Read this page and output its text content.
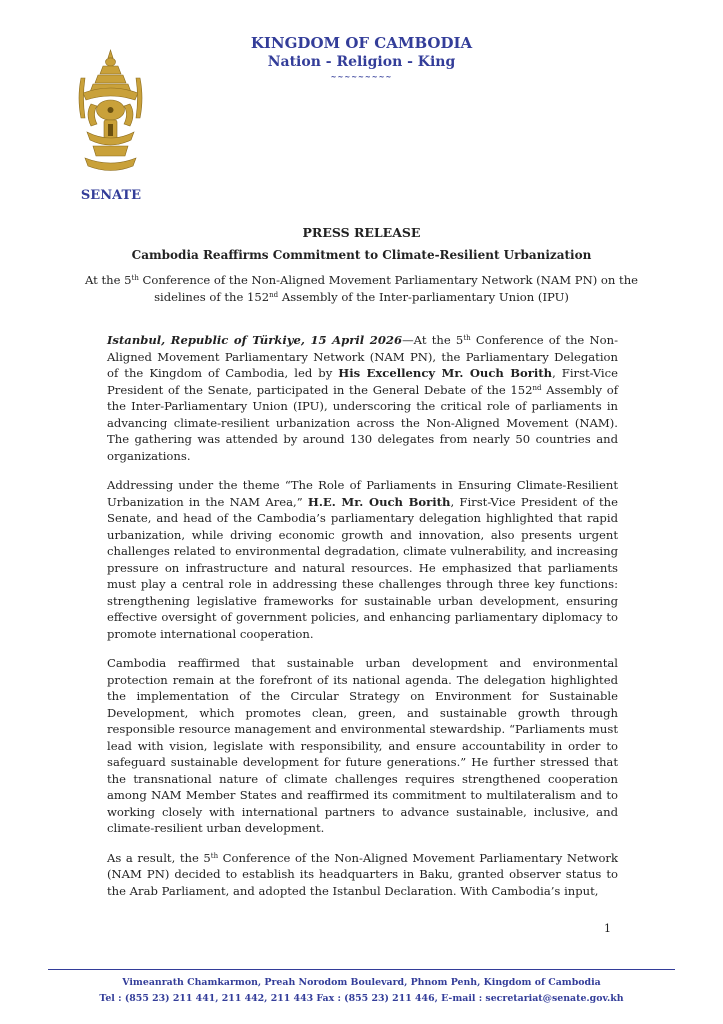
KINGDOM OF CAMBODIA
Nation - Religion - King
~~~~~~~~~
SENATE
PRESS RELEASE
Cambodia Reaffirms Commitment to Climate-Resilient Urbanization
At the 5th Conference of the Non-Aligned Movement Parliamentary Network (NAM PN) on the sidelines of the 152nd Assembly of the Inter-parliamentary Union (IPU)

Istanbul, Republic of Türkiye, 15 April 2026—At the 5th Conference of the Non-Aligned Movement Parliamentary Network (NAM PN), the Parliamentary Delegation of the Kingdom of Cambodia, led by His Excellency Mr. Ouch Borith, First-Vice President of the Senate, participated in the General Debate of the 152nd Assembly of the Inter-Parliamentary Union (IPU), underscoring the critical role of parliaments in advancing climate-resilient urbanization across the Non-Aligned Movement (NAM). The gathering was attended by around 130 delegates from nearly 50 countries and organizations.

Addressing under the theme “The Role of Parliaments in Ensuring Climate-Resilient Urbanization in the NAM Area,” H.E. Mr. Ouch Borith, First-Vice President of the Senate, and head of the Cambodia’s parliamentary delegation highlighted that rapid urbanization, while driving economic growth and innovation, also presents urgent challenges related to environmental degradation, climate vulnerability, and increasing pressure on infrastructure and natural resources. He emphasized that parliaments must play a central role in addressing these challenges through three key functions: strengthening legislative frameworks for sustainable urban development, ensuring effective oversight of government policies, and enhancing parliamentary diplomacy to promote international cooperation.

Cambodia reaffirmed that sustainable urban development and environmental protection remain at the forefront of its national agenda. The delegation highlighted the implementation of the Circular Strategy on Environment for Sustainable Development, which promotes clean, green, and sustainable growth through responsible resource management and environmental stewardship. “Parliaments must lead with vision, legislate with responsibility, and ensure accountability in order to safeguard sustainable development for future generations.” He further stressed that the transnational nature of climate challenges requires strengthened cooperation among NAM Member States and reaffirmed its commitment to multilateralism and to working closely with international partners to advance sustainable, inclusive, and climate-resilient urban development.

As a result, the 5th Conference of the Non-Aligned Movement Parliamentary Network (NAM PN) decided to establish its headquarters in Baku, granted observer status to the Arab Parliament, and adopted the Istanbul Declaration. With Cambodia’s input,

1
Vimeanrath Chamkarmon, Preah Norodom Boulevard, Phnom Penh, Kingdom of Cambodia
Tel : (855 23) 211 441, 211 442, 211 443 Fax : (855 23) 211 446, E-mail : secretariat@senate.gov.kh
